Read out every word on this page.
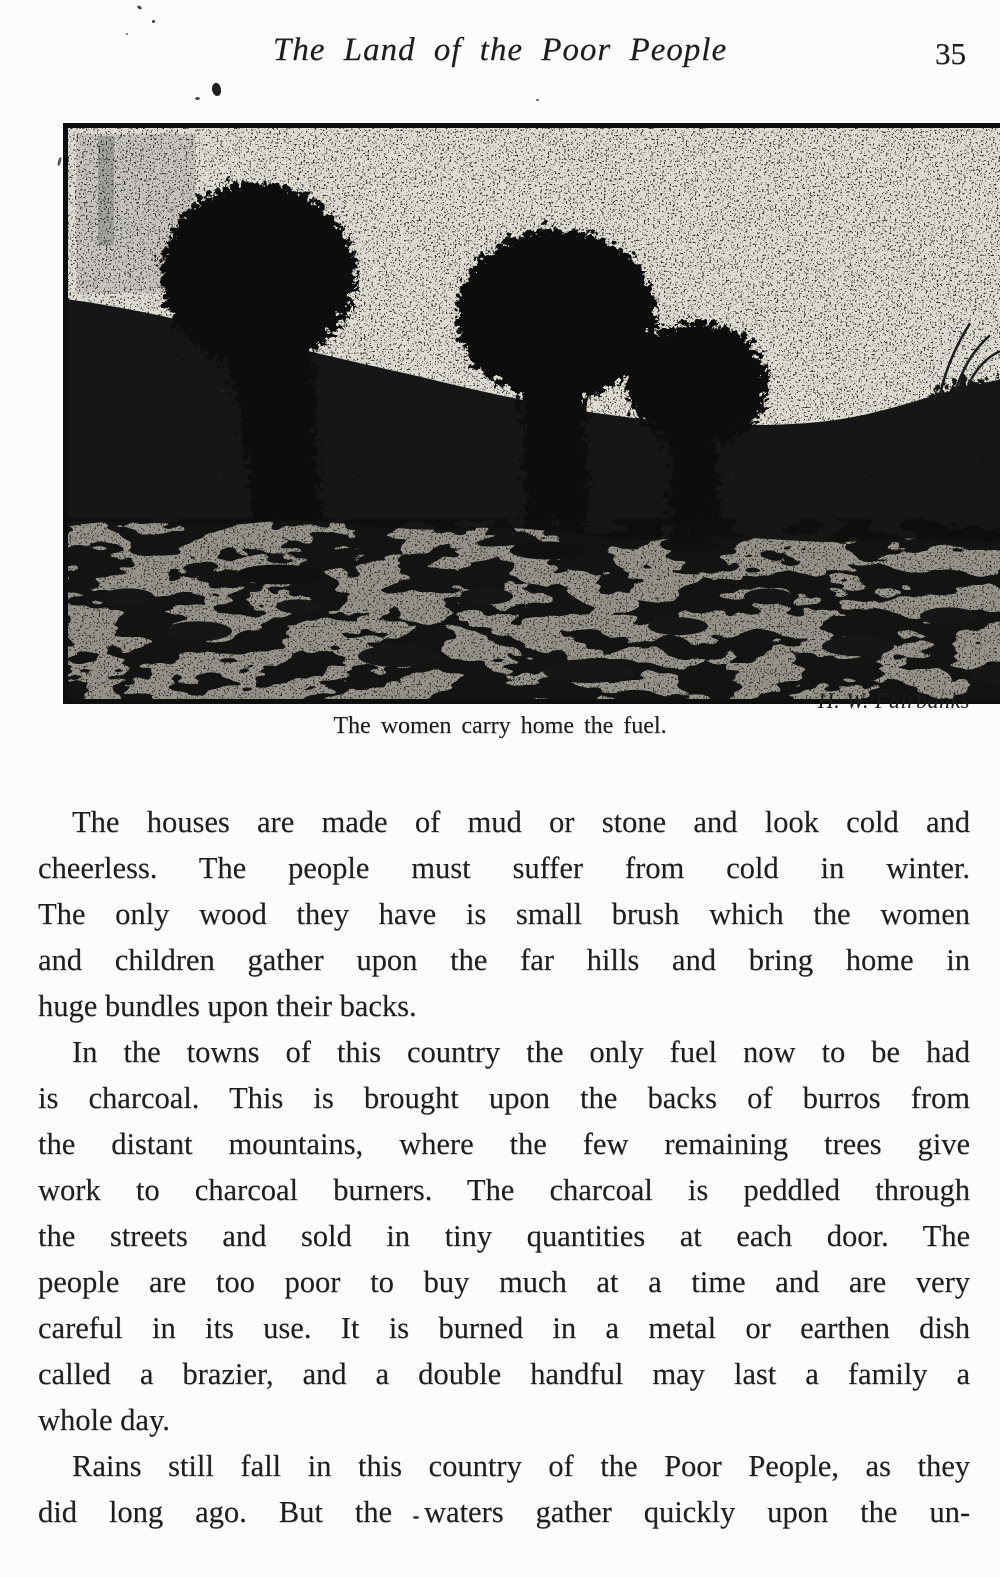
The Land of the Poor People	35
H. W. Fairbanks
The women carry home the fuel.
The houses are made of mud or stone and look cold and
cheerless. The people must suffer from cold in winter.
The only wood they have is small brush which the women
and children gather upon the far hills and bring home in
huge bundles upon their backs.
In the towns of this country the only fuel now to be had
is charcoal. This is brought upon the backs of burros from
the distant mountains, where the few remaining trees give
work to charcoal burners. The charcoal is peddled through
the streets and sold in tiny quantities at each door. The
people are too poor to buy much at a time and are very
careful in its use. It is burned in a metal or earthen dish
called a brazier, and a double handful may last a family a
whole day.
Rains still fall in this country of the Poor People, as they
did long ago. But the waters gather quickly upon the un-
